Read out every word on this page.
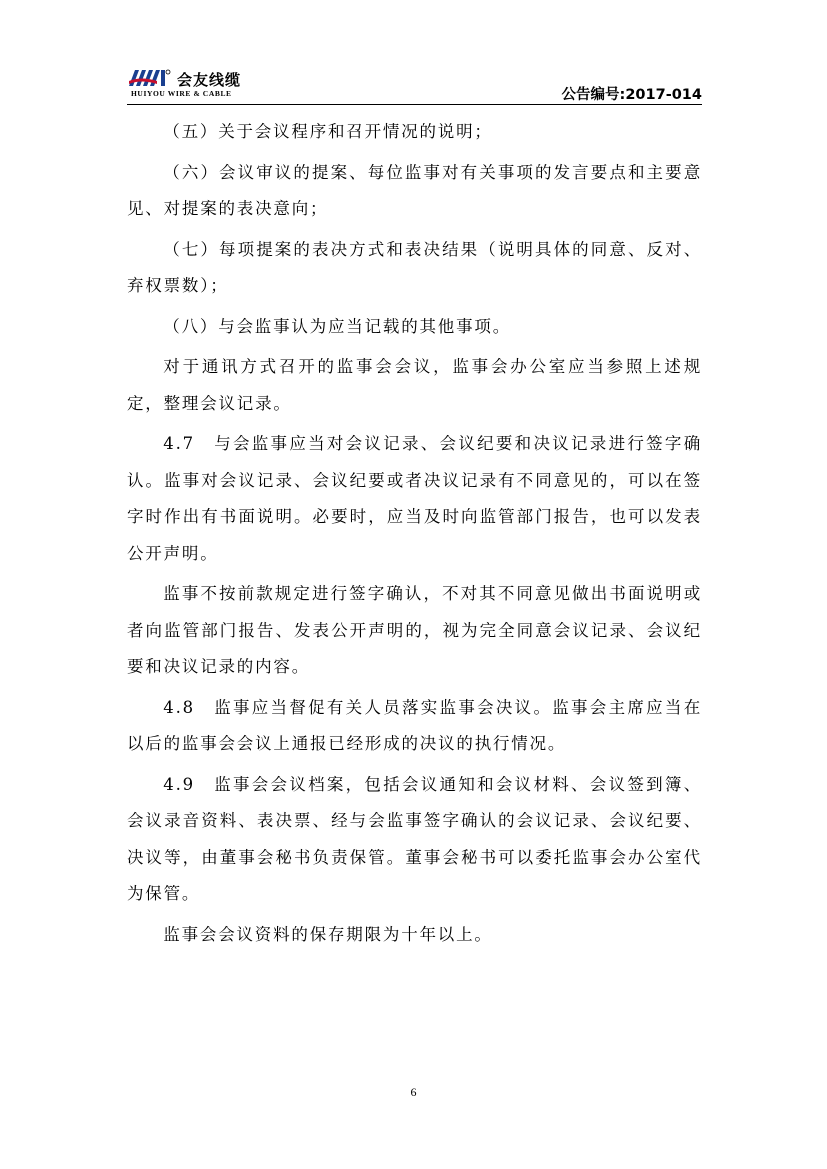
会友线缆
HUIYOU WIRE & CABLE	公告编号:2017-014

（五）关于会议程序和召开情况的说明；

（六）会议审议的提案、每位监事对有关事项的发言要点和主要意见、对提案的表决意向；

（七）每项提案的表决方式和表决结果（说明具体的同意、反对、弃权票数）；

（八）与会监事认为应当记载的其他事项。

对于通讯方式召开的监事会会议，监事会办公室应当参照上述规定，整理会议记录。

4.7　与会监事应当对会议记录、会议纪要和决议记录进行签字确认。监事对会议记录、会议纪要或者决议记录有不同意见的，可以在签字时作出有书面说明。必要时，应当及时向监管部门报告，也可以发表公开声明。

监事不按前款规定进行签字确认，不对其不同意见做出书面说明或者向监管部门报告、发表公开声明的，视为完全同意会议记录、会议纪要和决议记录的内容。

4.8　监事应当督促有关人员落实监事会决议。监事会主席应当在以后的监事会会议上通报已经形成的决议的执行情况。

4.9　监事会会议档案，包括会议通知和会议材料、会议签到簿、会议录音资料、表决票、经与会监事签字确认的会议记录、会议纪要、决议等，由董事会秘书负责保管。董事会秘书可以委托监事会办公室代为保管。

监事会会议资料的保存期限为十年以上。

6
